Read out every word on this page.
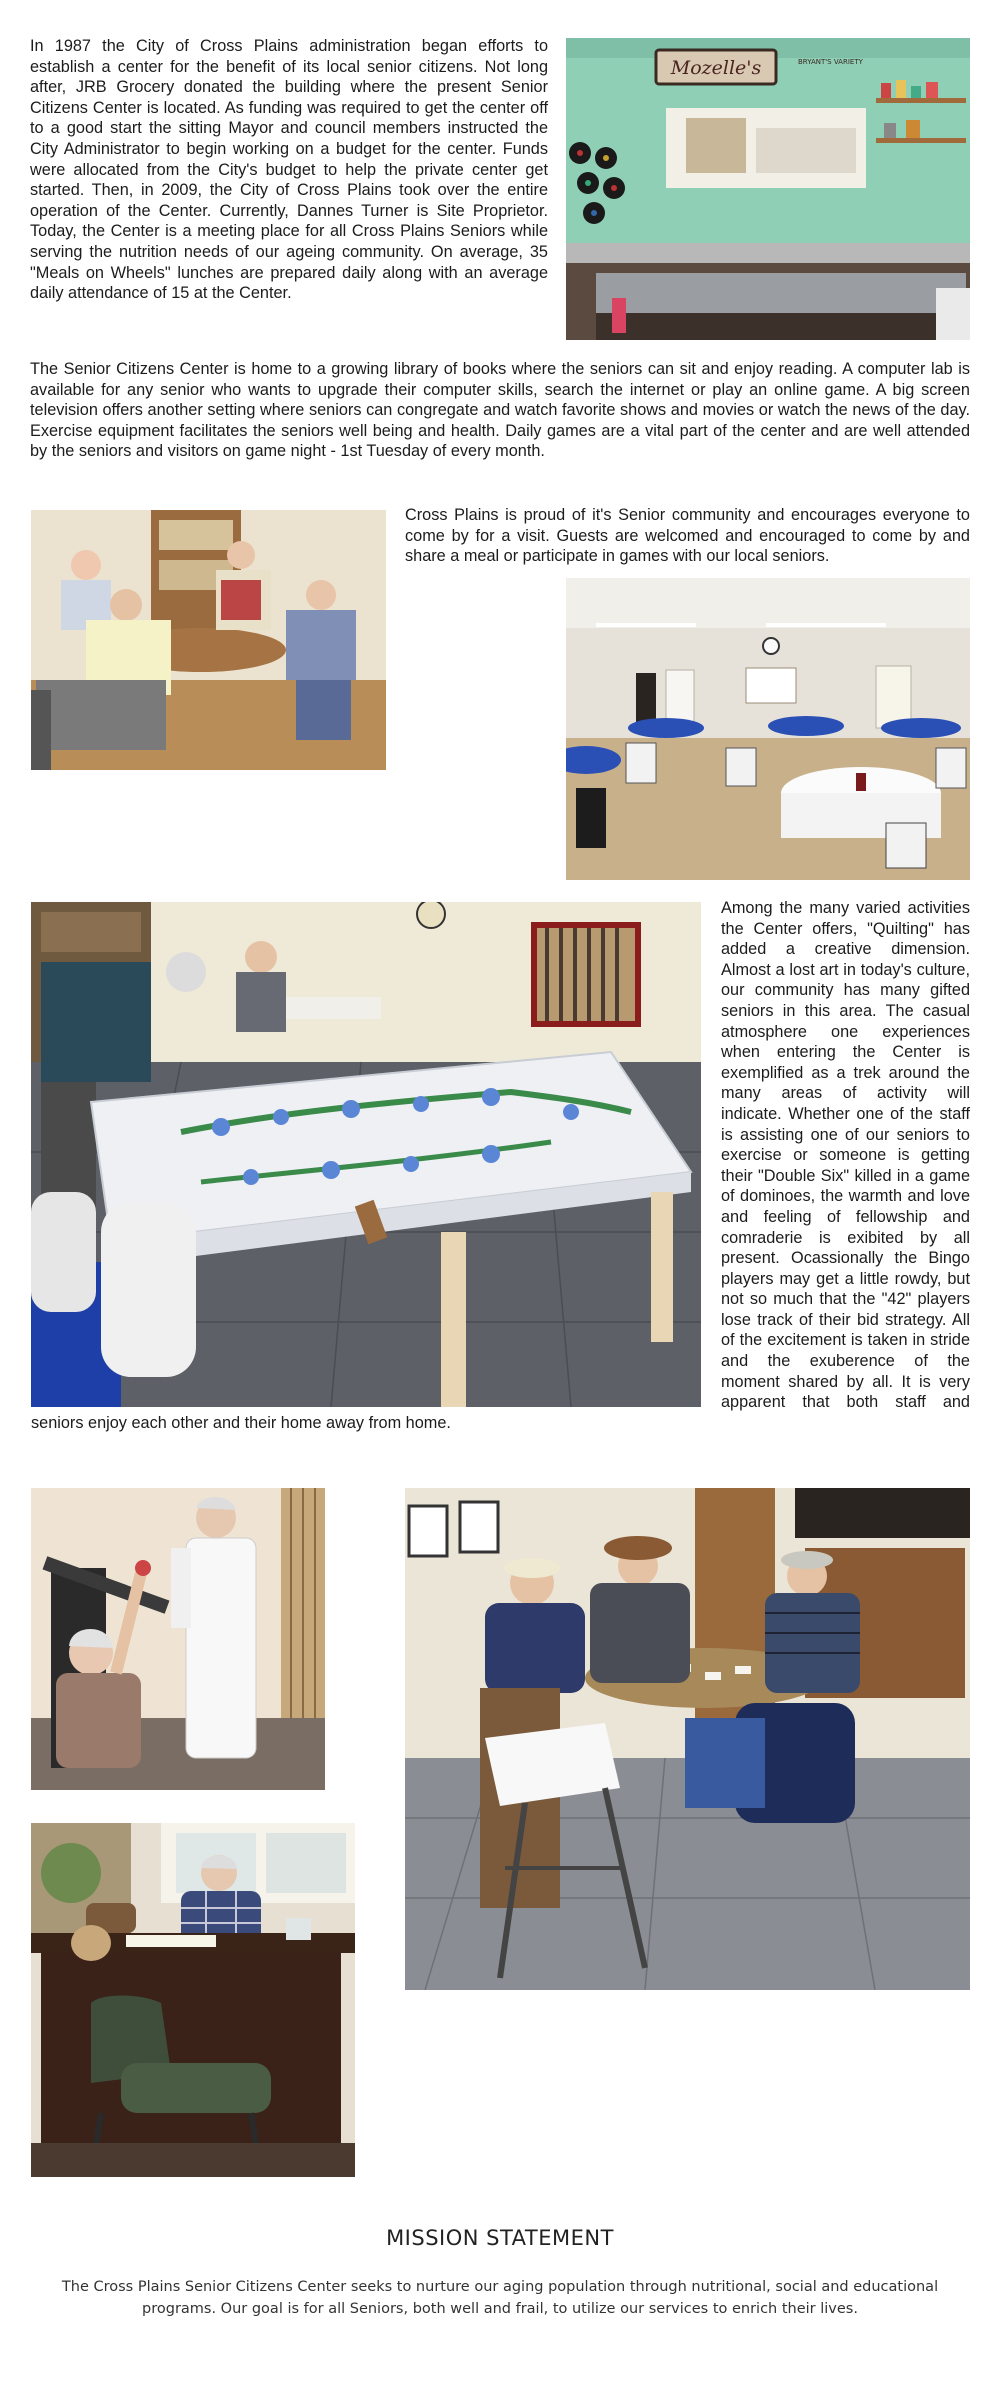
In 1987 the City of Cross Plains administration began efforts to establish a center for the benefit of its local senior citizens. Not long after, JRB Grocery donated the building where the present Senior Citizens Center is located. As funding was required to get the center off to a good start the sitting Mayor and council members instructed the City Administrator to begin working on a budget for the center. Funds were allocated from the City's budget to help the private center get started. Then, in 2009, the City of Cross Plains took over the entire operation of the Center. Currently, Dannes Turner is Site Proprietor. Today, the Center is a meeting place for all Cross Plains Seniors while serving the nutrition needs of our ageing community. On average, 35 "Meals on Wheels" lunches are prepared daily along with an average daily attendance of 15 at the Center.

Mozelle's	BRYANT'S VARIETY

The Senior Citizens Center is home to a growing library of books where the seniors can sit and enjoy reading. A computer lab is available for any senior who wants to upgrade their computer skills, search the internet or play an online game. A big screen television offers another setting where seniors can congregate and watch favorite shows and movies or watch the news of the day. Exercise equipment facilitates the seniors well being and health. Daily games are a vital part of the center and are well attended by the seniors and visitors on game night - 1st Tuesday of every month.

Cross Plains is proud of it's Senior community and encourages everyone to come by for a visit. Guests are welcomed and encouraged to come by and share a meal or participate in games with our local seniors.

Among the many varied activities the Center offers, "Quilting" has added a creative dimension. Almost a lost art in today's culture, our community has many gifted seniors in this area. The casual atmosphere one experiences when entering the Center is exemplified as a trek around the many areas of activity will indicate. Whether one of the staff is assisting one of our seniors to exercise or someone is getting their "Double Six" killed in a game of dominoes, the warmth and love and feeling of fellowship and comraderie is exibited by all present. Ocassionally the Bingo players may get a little rowdy, but not so much that the "42" players lose track of their bid strategy. All of the excitement is taken in stride and the exuberence of the moment shared by all. It is very apparent that both staff and seniors enjoy each other and their home away from home.

MISSION STATEMENT
The Cross Plains Senior Citizens Center seeks to nurture our aging population through nutritional, social and educational programs. Our goal is for all Seniors, both well and frail, to utilize our services to enrich their lives.
